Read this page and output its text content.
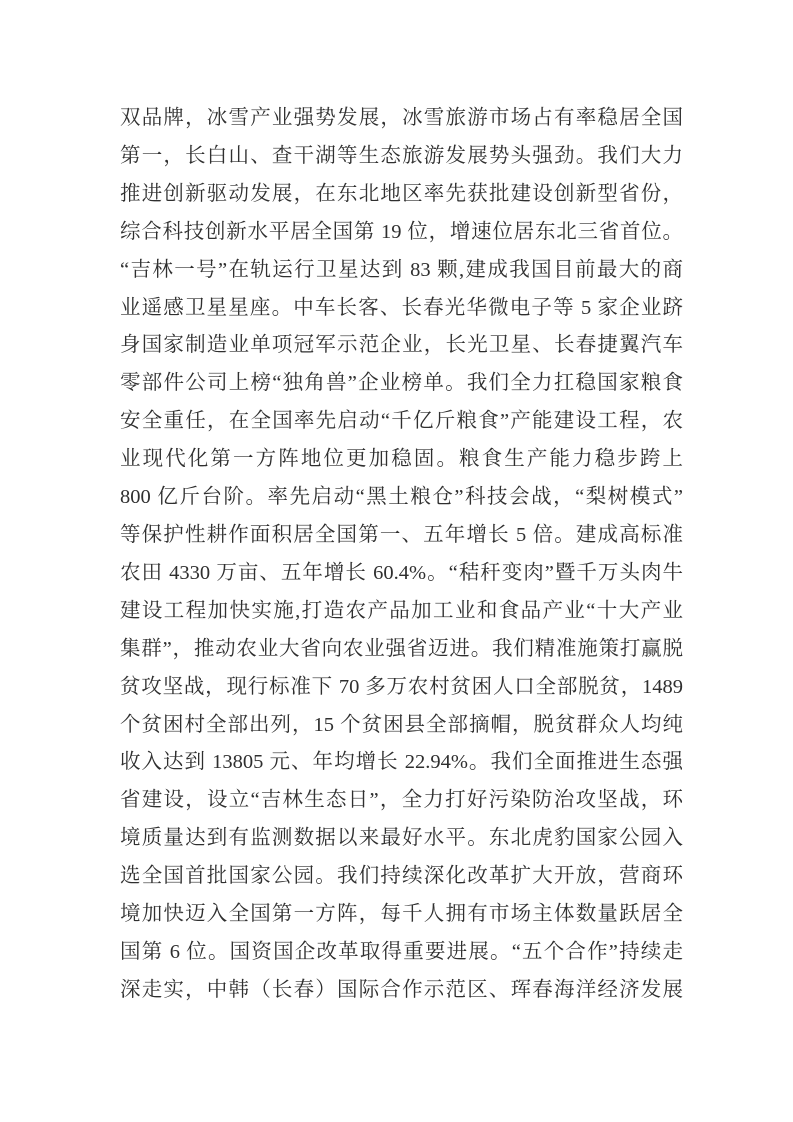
双品牌，冰雪产业强势发展，冰雪旅游市场占有率稳居全国
第一，长白山、查干湖等生态旅游发展势头强劲。我们大力
推进创新驱动发展，在东北地区率先获批建设创新型省份，
综合科技创新水平居全国第 19 位，增速位居东北三省首位。
“吉林一号”在轨运行卫星达到 83 颗,建成我国目前最大的商
业遥感卫星星座。中车长客、长春光华微电子等 5 家企业跻
身国家制造业单项冠军示范企业，长光卫星、长春捷翼汽车
零部件公司上榜“独角兽”企业榜单。我们全力扛稳国家粮食
安全重任，在全国率先启动“千亿斤粮食”产能建设工程，农
业现代化第一方阵地位更加稳固。粮食生产能力稳步跨上
800 亿斤台阶。率先启动“黑土粮仓”科技会战，“梨树模式”
等保护性耕作面积居全国第一、五年增长 5 倍。建成高标准
农田 4330 万亩、五年增长 60.4%。“秸秆变肉”暨千万头肉牛
建设工程加快实施,打造农产品加工业和食品产业“十大产业
集群”，推动农业大省向农业强省迈进。我们精准施策打赢脱
贫攻坚战，现行标准下 70 多万农村贫困人口全部脱贫，1489
个贫困村全部出列，15 个贫困县全部摘帽，脱贫群众人均纯
收入达到 13805 元、年均增长 22.94%。我们全面推进生态强
省建设，设立“吉林生态日”，全力打好污染防治攻坚战，环
境质量达到有监测数据以来最好水平。东北虎豹国家公园入
选全国首批国家公园。我们持续深化改革扩大开放，营商环
境加快迈入全国第一方阵，每千人拥有市场主体数量跃居全
国第 6 位。国资国企改革取得重要进展。“五个合作”持续走
深走实，中韩（长春）国际合作示范区、珲春海洋经济发展
